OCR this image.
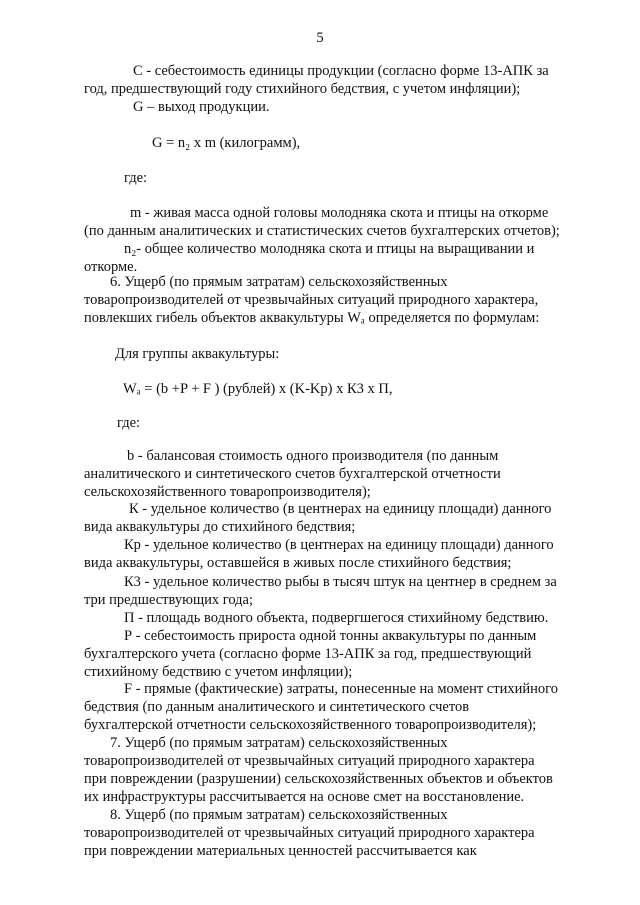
5
С - себестоимость единицы продукции (согласно форме 13-АПК за
год, предшествующий году стихийного бедствия, с учетом инфляции);
G – выход продукции.
G = n₂ x m (килограмм),
где:
m - живая масса одной головы молодняка скота и птицы на откорме
(по данным аналитических и статистических счетов бухгалтерских отчетов);
n₂- общее количество молодняка скота и птицы на выращивании и
откорме.
6. Ущерб (по прямым затратам) сельскохозяйственных
товаропроизводителей от чрезвычайных ситуаций природного характера,
повлекших гибель объектов аквакультуры Wₐ определяется по формулам:
Для группы аквакультуры:
Wₐ = (b +P + F ) (рублей) х (K-Kр) х К3 х П,
где:
b - балансовая стоимость одного производителя (по данным
аналитического и синтетического счетов бухгалтерской отчетности
сельскохозяйственного товаропроизводителя);
К - удельное количество (в центнерах на единицу площади) данного
вида аквакультуры до стихийного бедствия;
Кр - удельное количество (в центнерах на единицу площади) данного
вида аквакультуры, оставшейся в живых после стихийного бедствия;
К3 - удельное количество рыбы в тысяч штук на центнер в среднем за
три предшествующих года;
П - площадь водного объекта, подвергшегося стихийному бедствию.
Р - себестоимость прироста одной тонны аквакультуры по данным
бухгалтерского учета (согласно форме 13-АПК за год, предшествующий
стихийному бедствию с учетом инфляции);
F - прямые (фактические) затраты, понесенные на момент стихийного
бедствия (по данным аналитического и синтетического счетов
бухгалтерской отчетности сельскохозяйственного товаропроизводителя);
7. Ущерб (по прямым затратам) сельскохозяйственных
товаропроизводителей от чрезвычайных ситуаций природного характера
при повреждении (разрушении) сельскохозяйственных объектов и объектов
их инфраструктуры рассчитывается на основе смет на восстановление.
8. Ущерб (по прямым затратам) сельскохозяйственных
товаропроизводителей от чрезвычайных ситуаций природного характера
при повреждении материальных ценностей рассчитывается как
